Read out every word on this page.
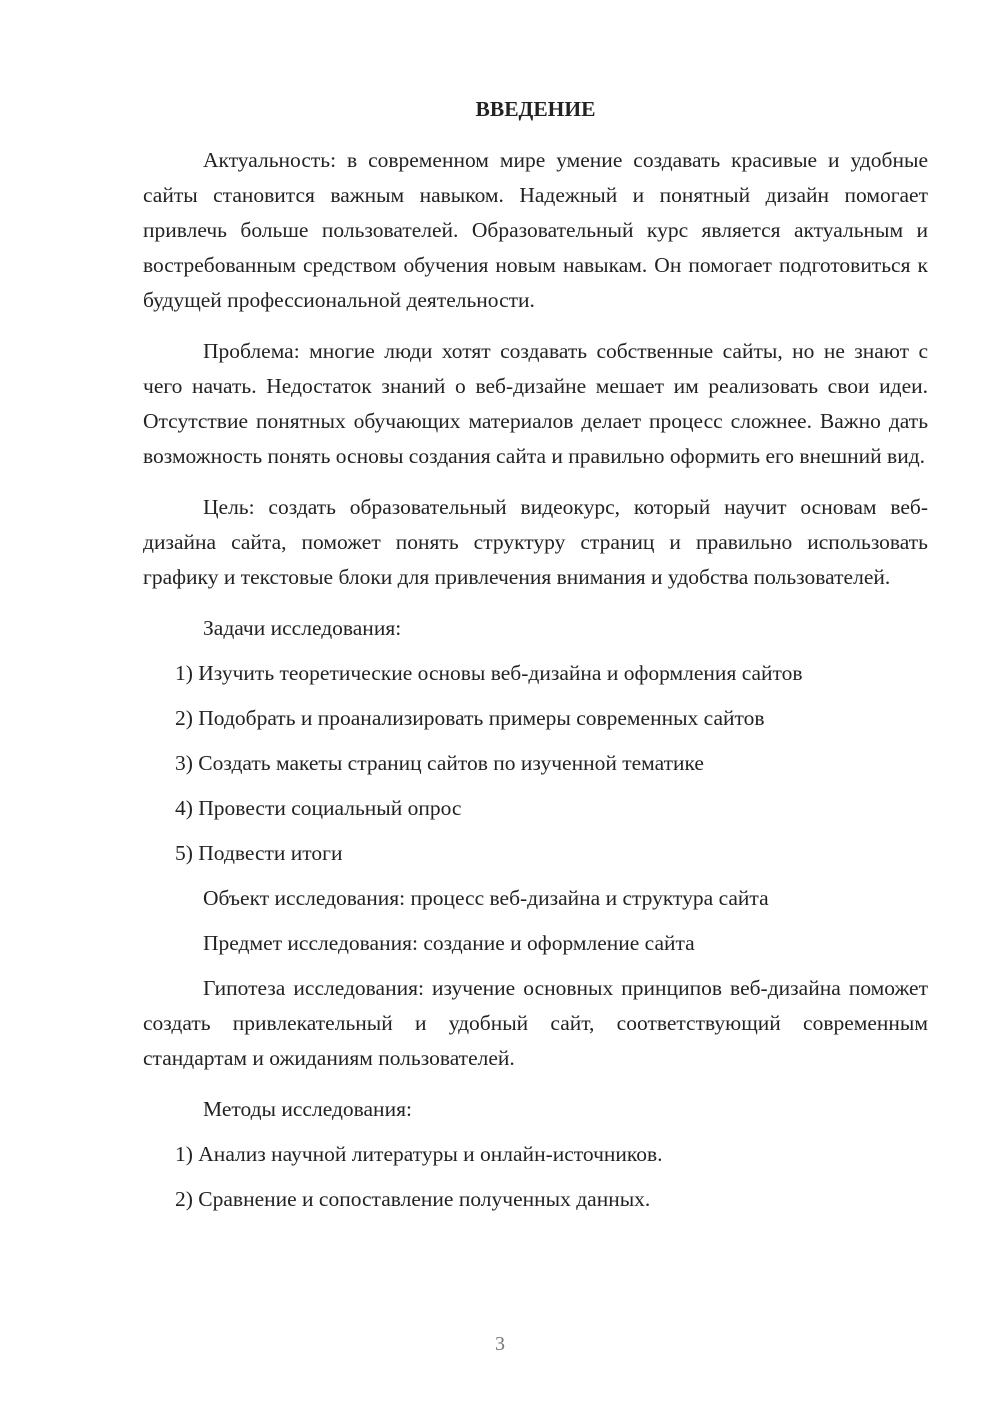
ВВЕДЕНИЕ

Актуальность: в современном мире умение создавать красивые и удобные сайты становится важным навыком. Надежный и понятный дизайн помогает привлечь больше пользователей. Образовательный курс является актуальным и востребованным средством обучения новым навыкам. Он помогает подготовиться к будущей профессиональной деятельности.

Проблема: многие люди хотят создавать собственные сайты, но не знают с чего начать. Недостаток знаний о веб-дизайне мешает им реализовать свои идеи. Отсутствие понятных обучающих материалов делает процесс сложнее. Важно дать возможность понять основы создания сайта и правильно оформить его внешний вид.

Цель: создать образовательный видеокурс, который научит основам веб-дизайна сайта, поможет понять структуру страниц и правильно использовать графику и текстовые блоки для привлечения внимания и удобства пользователей.

Задачи исследования:

1) Изучить теоретические основы веб-дизайна и оформления сайтов

2) Подобрать и проанализировать примеры современных сайтов

3) Создать макеты страниц сайтов по изученной тематике

4) Провести социальный опрос

5) Подвести итоги

Объект исследования: процесс веб-дизайна и структура сайта

Предмет исследования: создание и оформление сайта

Гипотеза исследования: изучение основных принципов веб-дизайна поможет создать привлекательный и удобный сайт, соответствующий современным стандартам и ожиданиям пользователей.

Методы исследования:

1) Анализ научной литературы и онлайн-источников.

2) Сравнение и сопоставление полученных данных.

3
